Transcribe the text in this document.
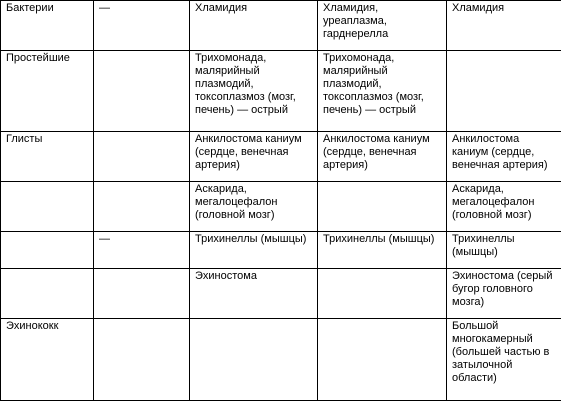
Бактерии	—	Хламидия	Хламидия, уреаплазма, гарднерелла	Хламидия
Простейшие		Трихомонада, малярийный плазмодий, токсоплазмоз (мозг, печень) — острый	Трихомонада, малярийный плазмодий, токсоплазмоз (мозг, печень) — острый	
Глисты		Анкилостома каниум (сердце, венечная артерия)	Анкилостома каниум (сердце, венечная артерия)	Анкилостома каниум (сердце, венечная артерия)
		Аскарида, мегалоцефалон (головной мозг)		Аскарида, мегалоцефалон (головной мозг)
	—	Трихинеллы (мышцы)	Трихинеллы (мышцы)	Трихинеллы (мышцы)
		Эхиностома		Эхиностома (серый бугор головного мозга)
Эхинококк				Большой многокамерный (большей частью в затылочной области)
